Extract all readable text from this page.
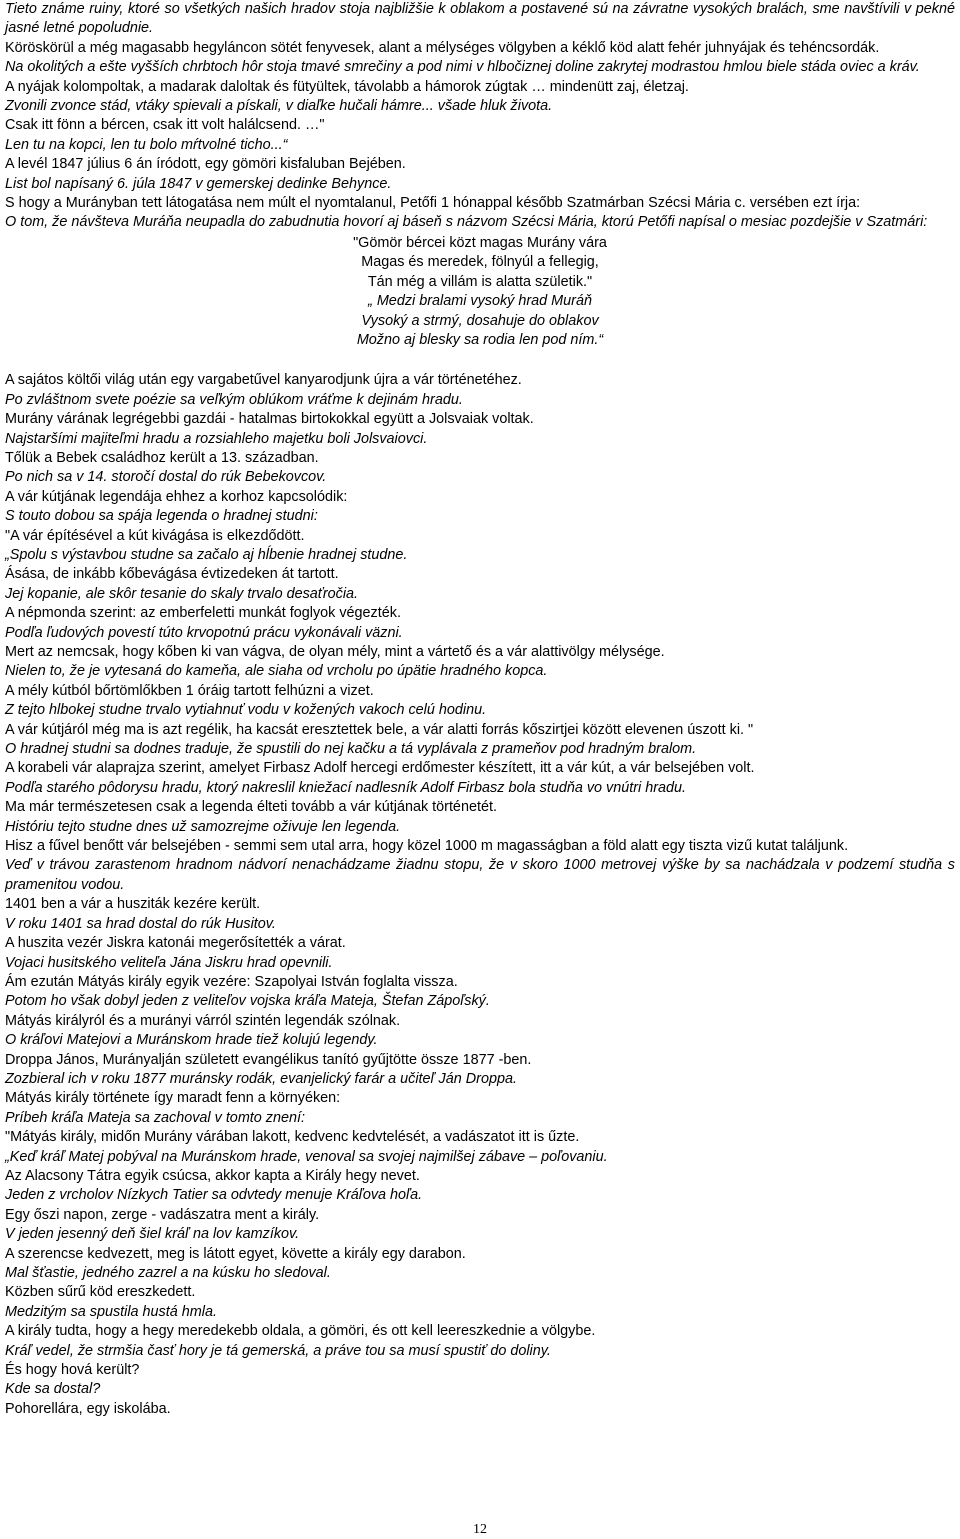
Tieto známe ruiny, ktoré so všetkých našich hradov stoja najbližšie k oblakom a postavené sú na závratne vysokých bralách, sme navštívili v pekné jasné letné popoludnie.

Köröskörül a még magasabb hegyláncon sötét fenyvesek, alant a mélységes völgyben a kéklő köd alatt fehér juhnyájak és tehéncsordák.

Na okolitých a ešte vyšších chrbtoch hôr stoja tmavé smrečiny a pod nimi v hlbočiznej doline zakrytej modrastou hmlou biele stáda oviec a kráv.

A nyájak kolompoltak, a madarak daloltak és fütyültek, távolabb a hámorok zúgtak … mindenütt zaj, életzaj.

Zvonili zvonce stád, vtáky spievali a pískali, v diaľke hučali hámre... všade hluk života.

Csak itt fönn a bércen, csak itt volt halálcsend. …"

Len tu na kopci, len tu bolo mŕtvolné ticho...“

A levél 1847 július 6 án íródott, egy gömöri kisfaluban Bejében.

List bol napísaný 6. júla 1847 v gemerskej dedinke Behynce.

S hogy a Murányban tett látogatása nem múlt el nyomtalanul, Petőfi 1 hónappal később Szatmárban Szécsi Mária c. versében ezt írja:

O tom, že návšteva Muráňa neupadla do zabudnutia hovorí aj báseň s názvom Szécsi Mária, ktorú Petőfi napísal o mesiac pozdejšie v Szatmári:

"Gömör bércei közt magas Murány vára

Magas és meredek, fölnyúl a fellegig,

Tán még a villám is alatta születik."

„ Medzi bralami vysoký hrad Muráň

Vysoký a strmý, dosahuje do oblakov

Možno aj blesky sa rodia len pod ním.“

A sajátos költői világ után egy vargabetűvel kanyarodjunk újra a vár történetéhez.

Po zvláštnom svete poézie sa veľkým oblúkom vráťme k dejinám hradu.

Murány várának legrégebbi gazdái - hatalmas birtokokkal együtt a Jolsvaiak voltak.

Najstaršími majiteľmi hradu a rozsiahleho majetku boli Jolsvaiovci.

Tőlük a Bebek családhoz került a 13. században.

Po nich sa v 14. storočí dostal do rúk Bebekovcov.

A vár kútjának legendája ehhez a korhoz kapcsolódik:

S touto dobou sa spája legenda o hradnej studni:

"A vár építésével a kút kivágása is elkezdődött.

„Spolu s výstavbou studne sa začalo aj hĺbenie hradnej studne.

Ásása, de inkább kőbevágása évtizedeken át tartott.

Jej kopanie, ale skôr tesanie do skaly trvalo desaťročia.

A népmonda szerint: az emberfeletti munkát foglyok végezték.

Podľa ľudových povestí túto krvopotnú prácu vykonávali väzni.

Mert az nemcsak, hogy kőben ki van vágva, de olyan mély, mint a vártető és a vár alattivölgy mélysége.

Nielen to, že je vytesaná do kameňa, ale siaha od vrcholu po úpätie hradného kopca.

A mély kútból bőrtömlőkben 1 óráig tartott felhúzni a vizet.

Z tejto hlbokej studne trvalo vytiahnuť vodu v kožených vakoch celú hodinu.

A vár kútjáról még ma is azt regélik, ha kacsát eresztettek bele, a vár alatti forrás kőszirtjei között elevenen úszott ki. "

O hradnej studni sa dodnes traduje, že spustili do nej kačku a tá vyplávala z prameňov pod hradným bralom.

A korabeli vár alaprajza szerint, amelyet Firbasz Adolf hercegi erdőmester készített, itt a vár kút, a vár belsejében volt.

Podľa starého pôdorysu hradu, ktorý nakreslil kniežací nadlesník Adolf Firbasz bola studňa vo vnútri hradu.

Ma már természetesen csak a legenda élteti tovább a vár kútjának történetét.

Históriu tejto studne dnes už samozrejme oživuje len legenda.

Hisz a fűvel benőtt vár belsejében - semmi sem utal arra, hogy közel 1000 m magasságban a föld alatt egy tiszta vizű kutat találjunk.

Veď v trávou zarastenom hradnom nádvorí nenachádzame žiadnu stopu, že v skoro 1000 metrovej výške by sa nachádzala v podzemí studňa s pramenitou vodou.

1401 ben a vár a husziták kezére került.

V roku 1401 sa hrad dostal do rúk Husitov.

A huszita vezér Jiskra katonái megerősítették a várat.

Vojaci husitského veliteľa Jána Jiskru hrad opevnili.

Ám ezután Mátyás király egyik vezére: Szapolyai István foglalta vissza.

Potom ho však dobyl jeden z veliteľov vojska kráľa Mateja, Štefan Zápoľský.

Mátyás királyról és a murányi várról szintén legendák szólnak.

O kráľovi Matejovi a Muránskom hrade tiež kolujú legendy.

Droppa János, Murányalján született evangélikus tanító gyűjtötte össze 1877 -ben.

Zozbieral ich v roku 1877 muránsky rodák, evanjelický farár a učiteľ Ján Droppa.

Mátyás király története így maradt fenn a környéken:

Príbeh kráľa Mateja sa zachoval v tomto znení:

"Mátyás király, midőn Murány várában lakott, kedvenc kedvtelését, a vadászatot itt is űzte.

„Keď kráľ Matej pobýval na Muránskom hrade, venoval sa svojej najmilšej zábave – poľovaniu.

Az Alacsony Tátra egyik csúcsa, akkor kapta a Király hegy nevet.

Jeden z vrcholov Nízkych Tatier sa odvtedy menuje Kráľova hoľa.

Egy őszi napon, zerge - vadászatra ment a király.

V jeden jesenný deň šiel kráľ na lov kamzíkov.

A szerencse kedvezett, meg is látott egyet, követte a király egy darabon.

Mal šťastie, jedného zazrel a na kúsku ho sledoval.

Közben sűrű köd ereszkedett.

Medzitým sa spustila hustá hmla.

A király tudta, hogy a hegy meredekebb oldala, a gömöri, és ott kell leereszkednie a völgybe.

Kráľ vedel, že strmšia časť hory je tá gemerská, a práve tou sa musí spustiť do doliny.

És hogy hová került?

Kde sa dostal?

Pohorellára, egy iskolába.

12
